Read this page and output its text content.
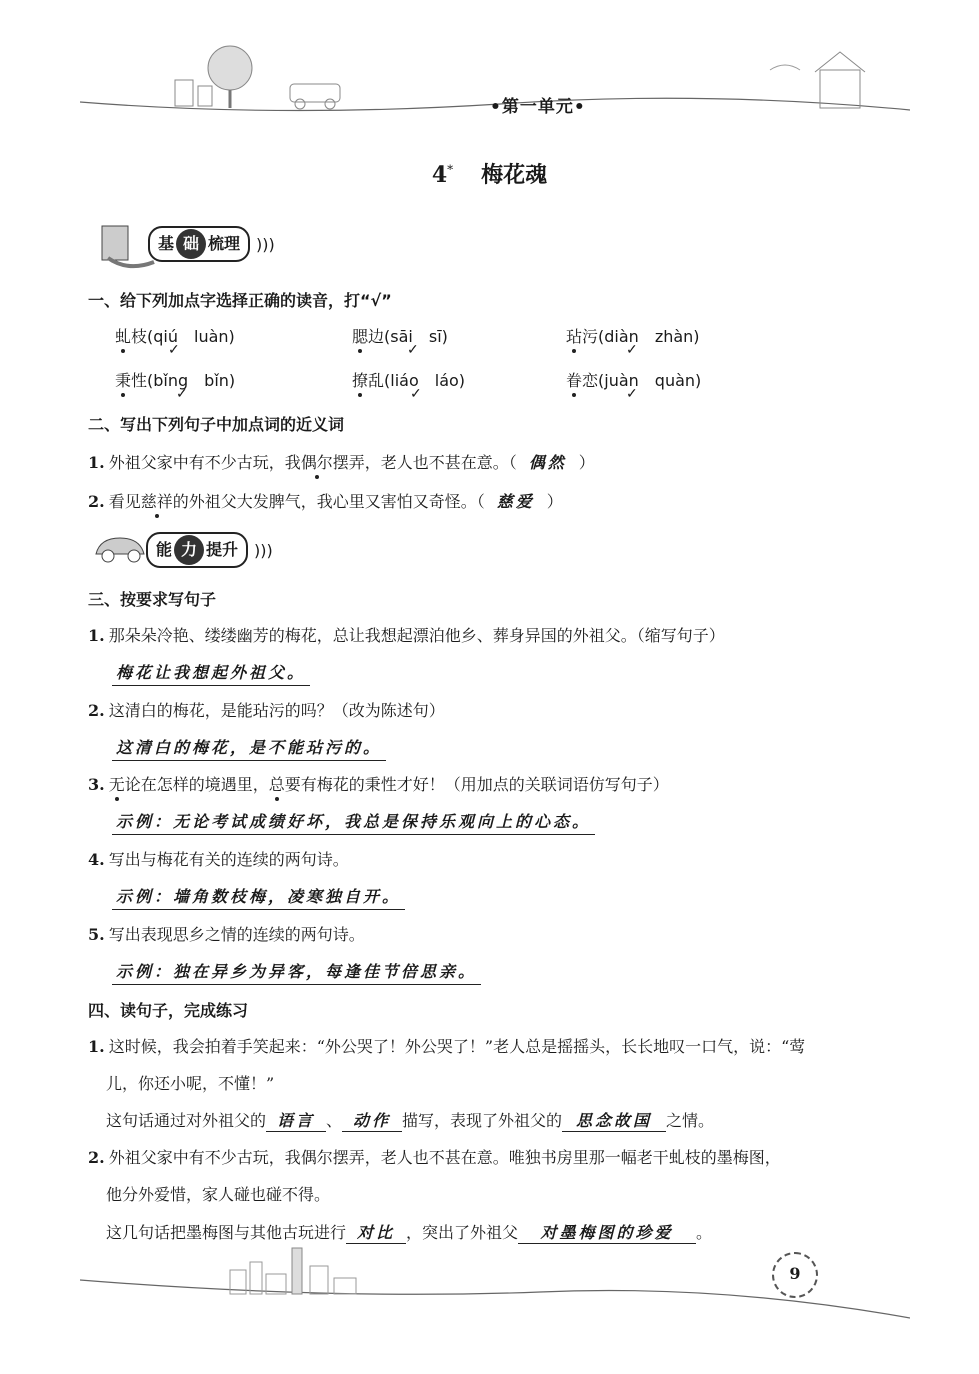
•第一单元•
4* 梅花魂
基 础 梳理	)))
一、给下列加点字选择正确的读音，打“√”
虬枝(qiú　luàn)
✓
腮边(sāi　sī)
✓
玷污(diàn　zhàn)
✓
秉性(bǐng　bǐn)
✓
撩乱(liáo　láo)
✓
眷恋(juàn　quàn)
✓
二、写出下列句子中加点词的近义词
1. 外祖父家中有不少古玩，我偶尔摆弄，老人也不甚在意。（ 偶然 ）
2. 看见慈祥的外祖父大发脾气，我心里又害怕又奇怪。（ 慈爱 ）
能 力 提升	)))
三、按要求写句子
1. 那朵朵冷艳、缕缕幽芳的梅花，总让我想起漂泊他乡、葬身异国的外祖父。（缩写句子）
梅花让我想起外祖父。
2. 这清白的梅花，是能玷污的吗？（改为陈述句）
这清白的梅花，是不能玷污的。
3. 无论在怎样的境遇里，总要有梅花的秉性才好！（用加点的关联词语仿写句子）
示例：无论考试成绩好坏，我总是保持乐观向上的心态。
4. 写出与梅花有关的连续的两句诗。
示例：墙角数枝梅，凌寒独自开。
5. 写出表现思乡之情的连续的两句诗。
示例：独在异乡为异客，每逢佳节倍思亲。
四、读句子，完成练习
1. 这时候，我会拍着手笑起来：“外公哭了！外公哭了！”老人总是摇摇头，长长地叹一口气，说：“莺
儿，你还小呢，不懂！”
这句话通过对外祖父的 语言 、 动作 描写，表现了外祖父的 思念故国 之情。
2. 外祖父家中有不少古玩，我偶尔摆弄，老人也不甚在意。唯独书房里那一幅老干虬枝的墨梅图，
他分外爱惜，家人碰也碰不得。
这几句话把墨梅图与其他古玩进行 对比 ，突出了外祖父 对墨梅图的珍爱 。
9
